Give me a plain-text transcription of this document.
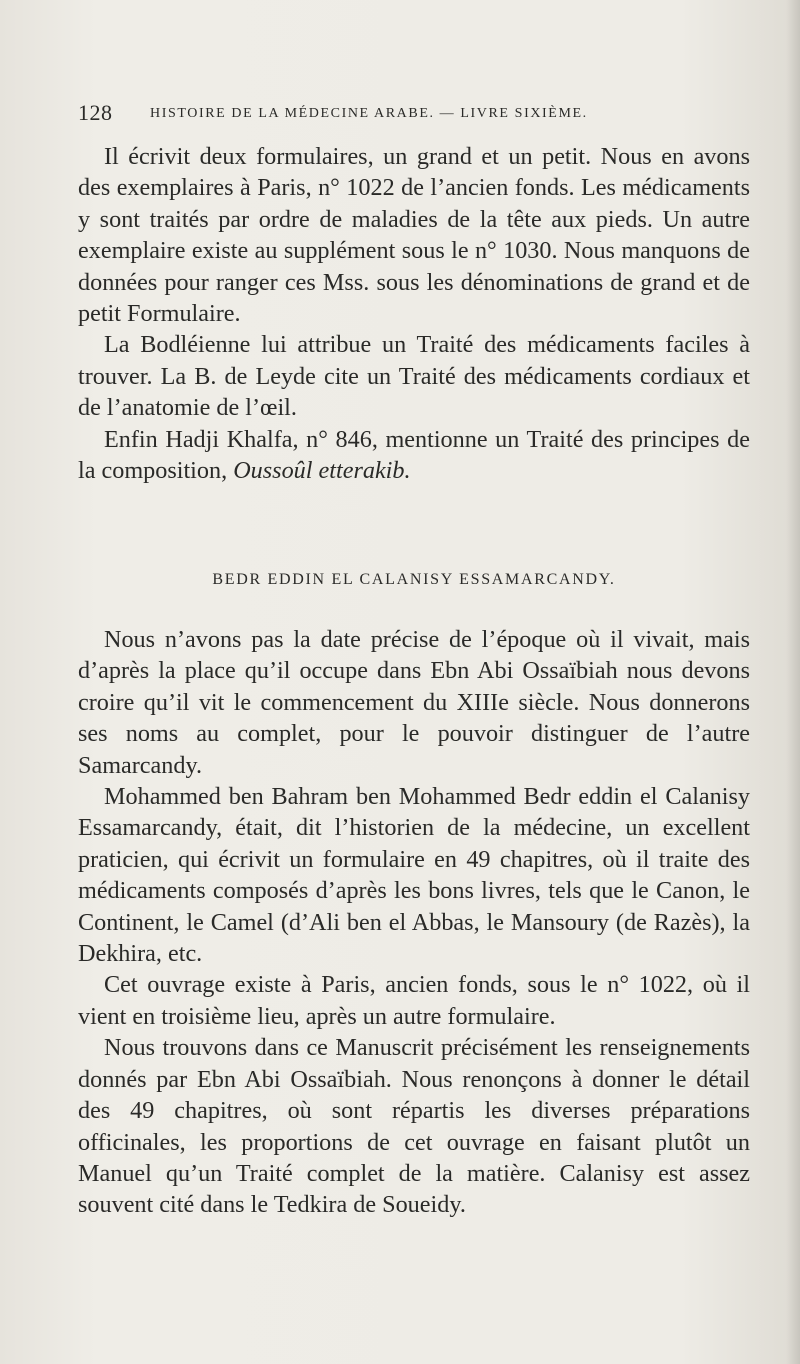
128	HISTOIRE DE LA MÉDECINE ARABE. — LIVRE SIXIÈME.

Il écrivit deux formulaires, un grand et un petit. Nous en avons des exemplaires à Paris, n° 1022 de l’ancien fonds. Les médicaments y sont traités par ordre de maladies de la tête aux pieds. Un autre exemplaire existe au supplément sous le n° 1030. Nous manquons de données pour ranger ces Mss. sous les dénominations de grand et de petit Formulaire.

La Bodléienne lui attribue un Traité des médicaments faciles à trouver. La B. de Leyde cite un Traité des médicaments cordiaux et de l’anatomie de l’œil.

Enfin Hadji Khalfa, n° 846, mentionne un Traité des principes de la composition, Oussoûl etterakib.

BEDR EDDIN EL CALANISY ESSAMARCANDY.

Nous n’avons pas la date précise de l’époque où il vivait, mais d’après la place qu’il occupe dans Ebn Abi Ossaïbiah nous devons croire qu’il vit le commencement du XIIIe siècle. Nous donnerons ses noms au complet, pour le pouvoir distinguer de l’autre Samarcandy.

Mohammed ben Bahram ben Mohammed Bedr eddin el Calanisy Essamarcandy, était, dit l’historien de la médecine, un excellent praticien, qui écrivit un formulaire en 49 chapitres, où il traite des médicaments composés d’après les bons livres, tels que le Canon, le Continent, le Camel (d’Ali ben el Abbas, le Mansoury (de Razès), la Dekhira, etc.

Cet ouvrage existe à Paris, ancien fonds, sous le n° 1022, où il vient en troisième lieu, après un autre formulaire.

Nous trouvons dans ce Manuscrit précisément les renseignements donnés par Ebn Abi Ossaïbiah. Nous renonçons à donner le détail des 49 chapitres, où sont répartis les diverses préparations officinales, les proportions de cet ouvrage en faisant plutôt un Manuel qu’un Traité complet de la matière. Calanisy est assez souvent cité dans le Tedkira de Soueidy.
